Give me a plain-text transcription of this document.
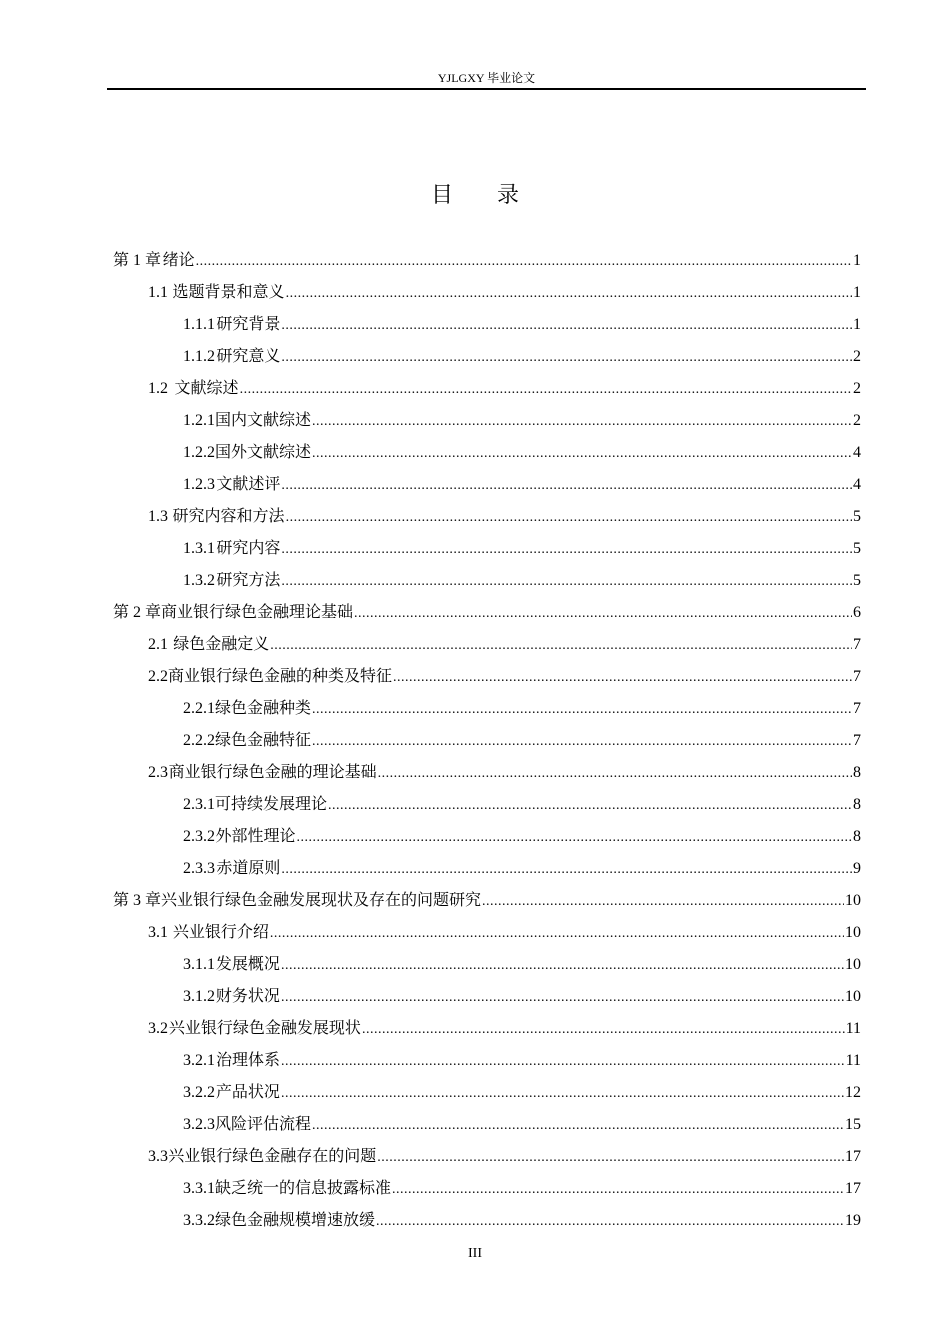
YJLGXY 毕业论文
目 录
第 1 章 绪论 .....	1
1.1 选题背景和意义 .....	1
1.1.1 研究背景 .....	1
1.1.2 研究意义 .....	2
1.2 文献综述 .....	2
1.2.1 国内文献综述 .....	2
1.2.2 国外文献综述 .....	4
1.2.3 文献述评 .....	4
1.3 研究内容和方法 .....	5
1.3.1 研究内容 .....	5
1.3.2 研究方法 .....	5
第 2 章 商业银行绿色金融理论基础 .....	6
2.1 绿色金融定义 .....	7
2.2 商业银行绿色金融的种类及特征 .....	7
2.2.1 绿色金融种类 .....	7
2.2.2 绿色金融特征 .....	7
2.3 商业银行绿色金融的理论基础 .....	8
2.3.1 可持续发展理论 .....	8
2.3.2 外部性理论 .....	8
2.3.3 赤道原则 .....	9
第 3 章 兴业银行绿色金融发展现状及存在的问题研究 .....	10
3.1 兴业银行介绍 .....	10
3.1.1 发展概况 .....	10
3.1.2 财务状况 .....	10
3.2 兴业银行绿色金融发展现状 .....	11
3.2.1 治理体系 .....	11
3.2.2 产品状况 .....	12
3.2.3 风险评估流程 .....	15
3.3 兴业银行绿色金融存在的问题 .....	17
3.3.1 缺乏统一的信息披露标准 .....	17
3.3.2 绿色金融规模增速放缓 .....	19
III
